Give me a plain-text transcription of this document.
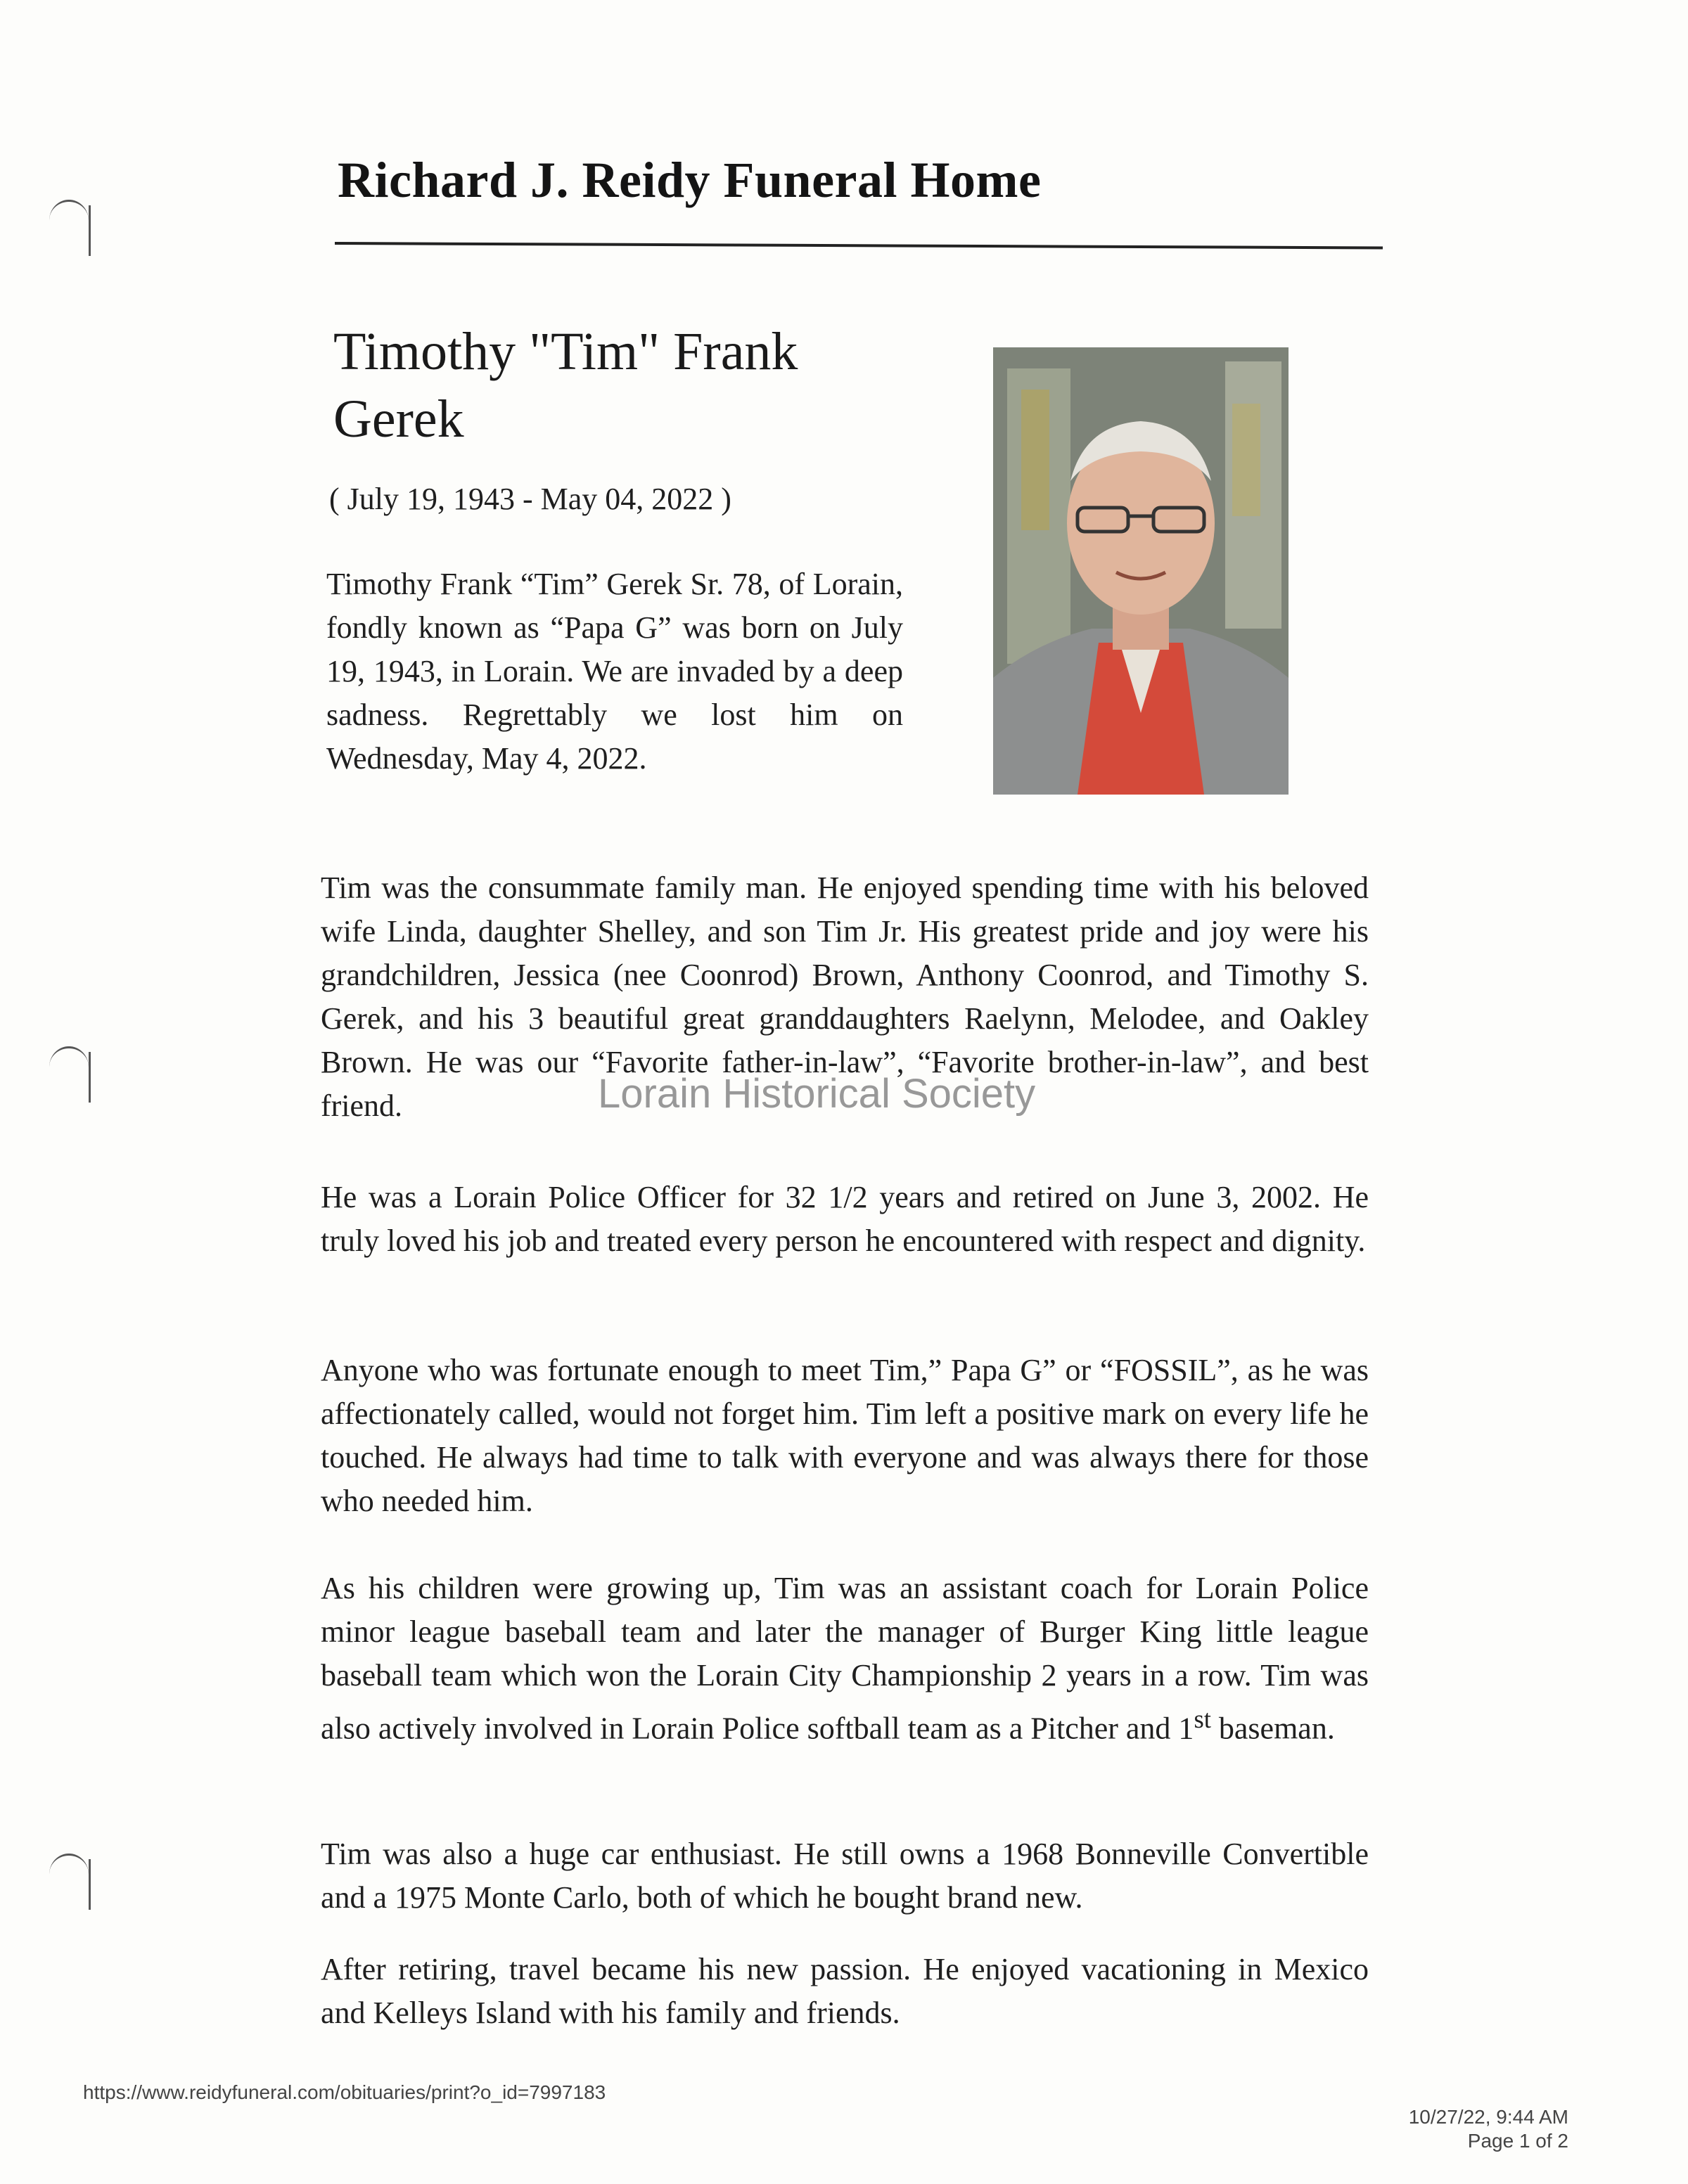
Richard J. Reidy Funeral Home
Timothy "Tim" Frank
Gerek
( July 19, 1943 - May 04, 2022 )
Timothy Frank “Tim” Gerek Sr. 78, of Lorain, fondly known as “Papa G” was born on July 19, 1943, in Lorain. We are invaded by a deep sadness. Regrettably we lost him on Wednesday, May 4, 2022.
Tim was the consummate family man. He enjoyed spending time with his beloved wife Linda, daughter Shelley, and son Tim Jr. His greatest pride and joy were his grandchildren, Jessica (nee Coonrod) Brown, Anthony Coonrod, and Timothy S. Gerek, and his 3 beautiful great granddaughters Raelynn, Melodee, and Oakley Brown. He was our “Favorite father-in-law”, “Favorite brother-in-law”, and best friend.	Lorain Historical Society
He was a Lorain Police Officer for 32 1/2 years and retired on June 3, 2002. He truly loved his job and treated every person he encountered with respect and dignity.
Anyone who was fortunate enough to meet Tim,” Papa G” or “FOSSIL”, as he was affectionately called, would not forget him. Tim left a positive mark on every life he touched. He always had time to talk with everyone and was always there for those who needed him.
As his children were growing up, Tim was an assistant coach for Lorain Police minor league baseball team and later the manager of Burger King little league baseball team which won the Lorain City Championship 2 years in a row. Tim was also actively involved in Lorain Police softball team as a Pitcher and 1st baseman.
Tim was also a huge car enthusiast. He still owns a 1968 Bonneville Convertible and a 1975 Monte Carlo, both of which he bought brand new.
After retiring, travel became his new passion. He enjoyed vacationing in Mexico and Kelleys Island with his family and friends.
https://www.reidyfuneral.com/obituaries/print?o_id=7997183
10/27/22, 9:44 AM
Page 1 of 2
